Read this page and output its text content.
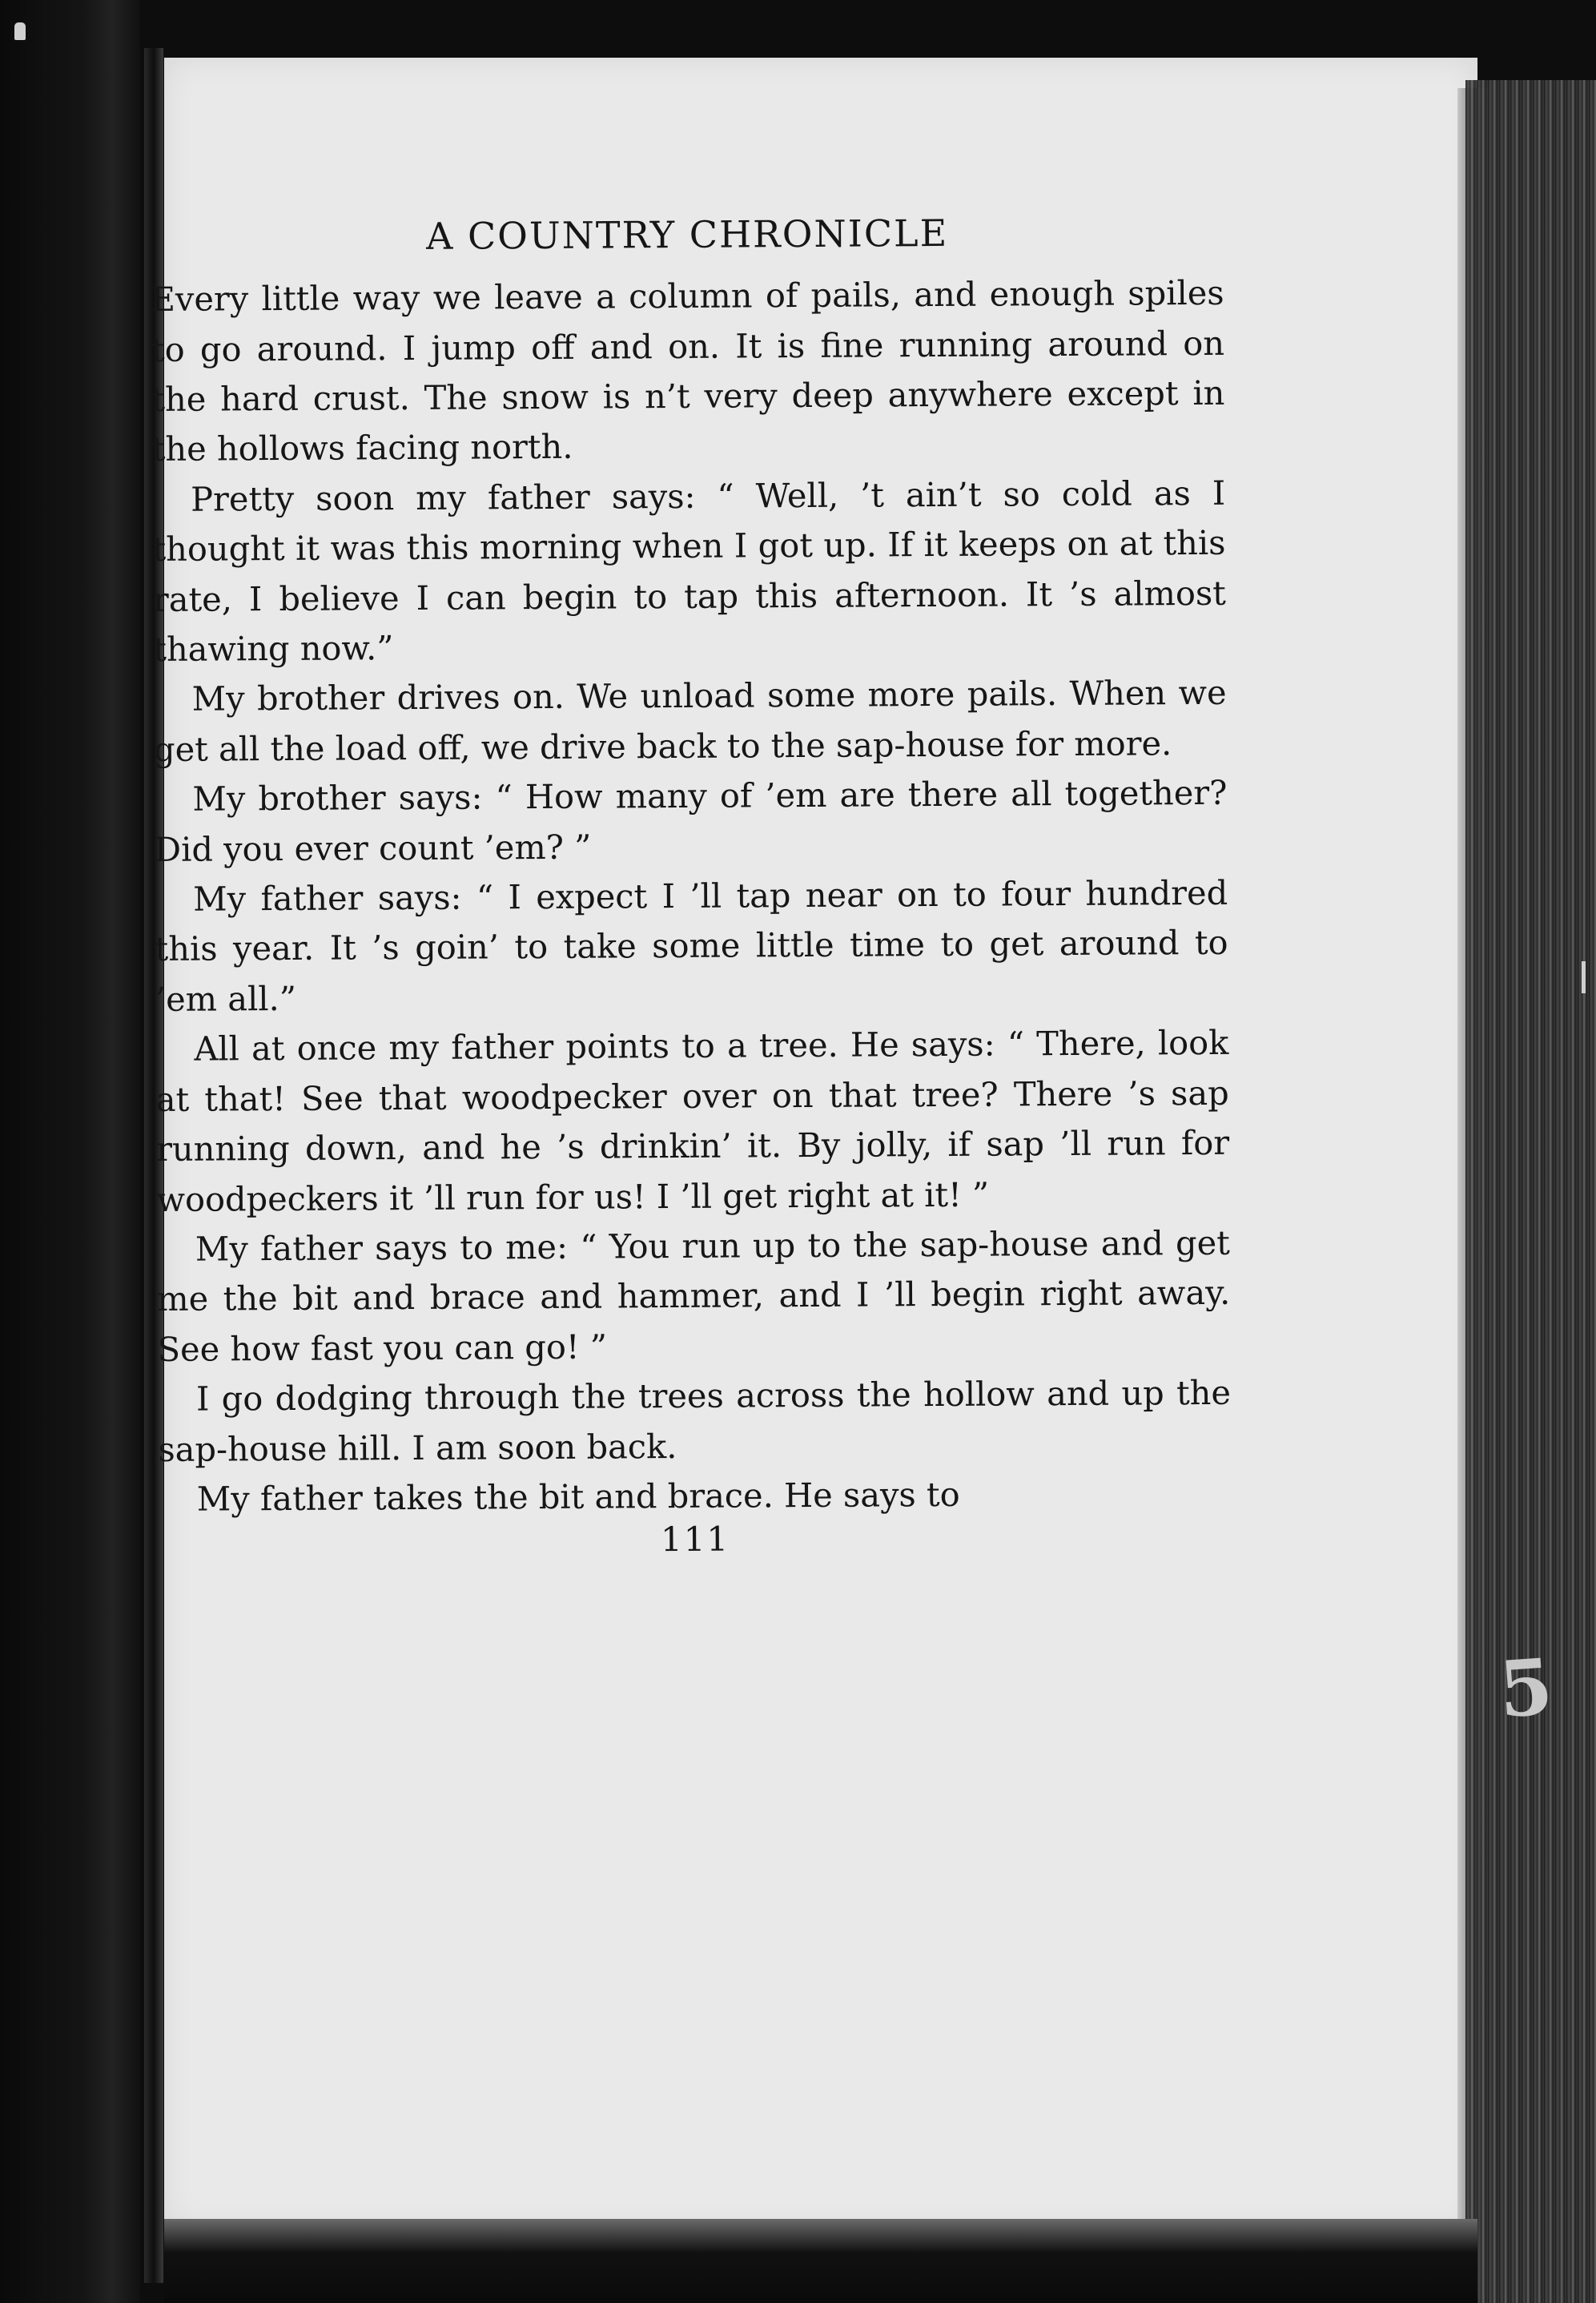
5
A COUNTRY CHRONICLE

Every little way we leave a column of pails, and enough spiles to go around. I jump off and on. It is fine running around on the hard crust. The snow is n’t very deep anywhere except in the hollows facing north.

Pretty soon my father says: “ Well, ’t ain’t so cold as I thought it was this morning when I got up. If it keeps on at this rate, I believe I can begin to tap this afternoon. It ’s almost thawing now.”

My brother drives on. We unload some more pails. When we get all the load off, we drive back to the sap-house for more.

My brother says: “ How many of ’em are there all together? Did you ever count ’em? ”

My father says: “ I expect I ’ll tap near on to four hundred this year. It ’s goin’ to take some little time to get around to ’em all.”

All at once my father points to a tree. He says: “ There, look at that! See that woodpecker over on that tree? There ’s sap running down, and he ’s drinkin’ it. By jolly, if sap ’ll run for woodpeckers it ’ll run for us! I ’ll get right at it! ”

My father says to me: “ You run up to the sap-house and get me the bit and brace and hammer, and I ’ll begin right away. See how fast you can go! ”

I go dodging through the trees across the hollow and up the sap-house hill. I am soon back.

My father takes the bit and brace. He says to

111
